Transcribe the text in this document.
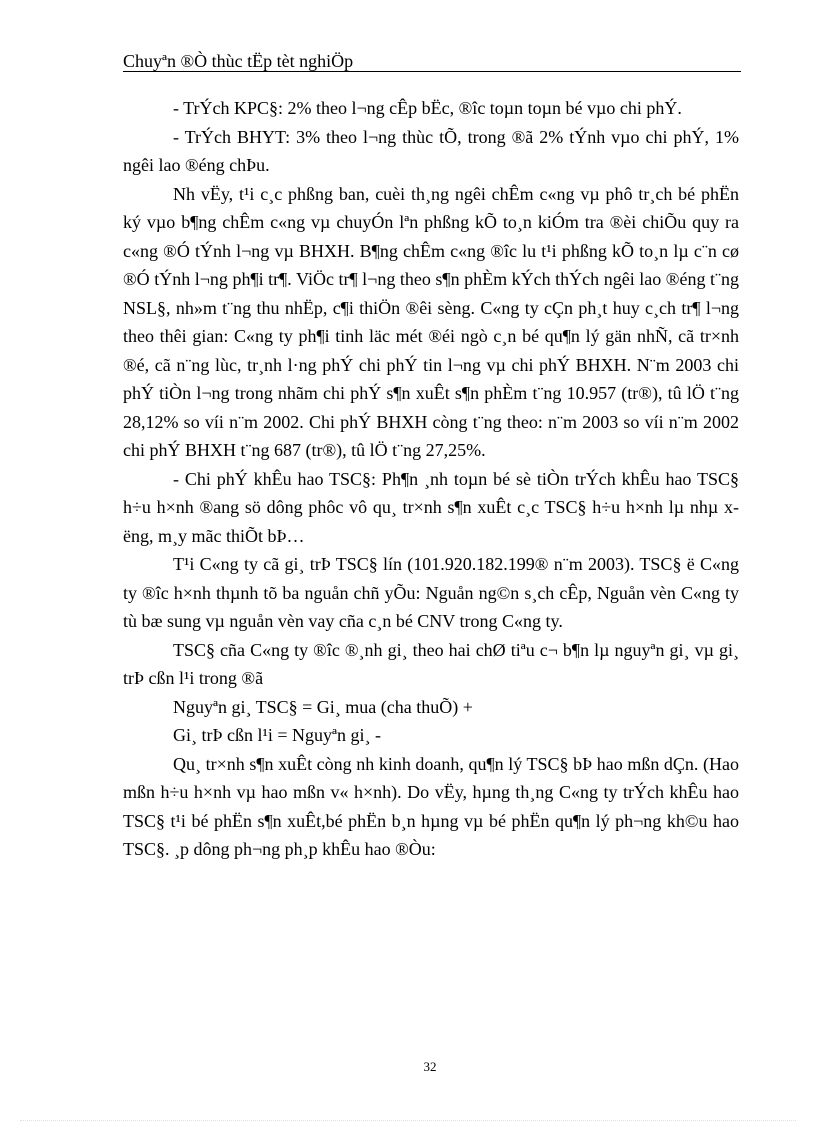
Chuyªn ®Ò thùc tËp tèt nghiÖp

- TrÝch KPC§: 2% theo l¬ng cÊp bËc, ®îc toµn toµn bé vµo chi phÝ.

- TrÝch BHYT: 3% theo l¬ng thùc tÕ, trong ®ã 2% tÝnh vµo chi phÝ, 1% ngêi lao ®éng chÞu.

Nh vËy, t¹i c¸c phßng ban, cuèi th¸ng ngêi chÊm c«ng vµ phô tr¸ch bé phËn ký vµo b¶ng chÊm c«ng vµ chuyÓn lªn phßng kÕ to¸n kiÓm tra ®èi chiÕu quy ra c«ng ®Ó tÝnh l¬ng vµ BHXH. B¶ng chÊm c«ng ®îc lu t¹i phßng kÕ to¸n lµ c¨n cø ®Ó tÝnh l¬ng ph¶i tr¶. ViÖc tr¶ l¬ng theo s¶n phÈm kÝch thÝch ngêi lao ®éng t¨ng NSL§, nh»m t¨ng thu nhËp, c¶i thiÖn ®êi sèng. C«ng ty cÇn ph¸t huy c¸ch tr¶ l¬ng theo thêi gian: C«ng ty ph¶i tinh läc mét ®éi ngò c¸n bé qu¶n lý gän nhÑ, cã tr×nh ®é, cã n¨ng lùc, tr¸nh l·ng phÝ chi phÝ tin l¬ng vµ chi phÝ BHXH. N¨m 2003 chi phÝ tiÒn l¬ng trong nhãm chi phÝ s¶n xuÊt s¶n phÈm t¨ng 10.957 (tr®), tû lÖ t¨ng 28,12% so víi n¨m 2002. Chi phÝ BHXH còng t¨ng theo: n¨m 2003 so víi n¨m 2002 chi phÝ BHXH t¨ng 687 (tr®), tû lÖ t¨ng 27,25%.

- Chi phÝ khÊu hao TSC§: Ph¶n ¸nh toµn bé sè tiÒn trÝch khÊu hao TSC§ h÷u h×nh ®ang sö dông phôc vô qu¸ tr×nh s¶n xuÊt c¸c TSC§ h÷u h×nh lµ nhµ xëng, m¸y mãc thiÕt bÞ…

T¹i C«ng ty cã gi¸ trÞ TSC§ lín (101.920.182.199® n¨m 2003). TSC§ ë C«ng ty ®îc h×nh thµnh tõ ba nguån chñ yÕu: Nguån ng©n s¸ch cÊp, Nguån vèn C«ng ty tù bæ sung vµ nguån vèn vay cña c¸n bé CNV trong C«ng ty.

TSC§ cña C«ng ty ®îc ®¸nh gi¸ theo hai chØ tiªu c¬ b¶n lµ nguyªn gi¸ vµ gi¸ trÞ cßn l¹i trong ®ã

Nguyªn gi¸ TSC§ = Gi¸ mua (cha thuÕ) +

Gi¸ trÞ cßn l¹i = Nguyªn gi¸ -

Qu¸ tr×nh s¶n xuÊt còng nh kinh doanh, qu¶n lý TSC§ bÞ hao mßn dÇn. (Hao mßn h÷u h×nh vµ hao mßn v« h×nh). Do vËy, hµng th¸ng C«ng ty trÝch khÊu hao TSC§ t¹i bé phËn s¶n xuÊt,bé phËn b¸n hµng vµ bé phËn qu¶n lý ph¬ng kh©u hao TSC§. ¸p dông ph¬ng ph¸p khÊu hao ®Òu:

32
